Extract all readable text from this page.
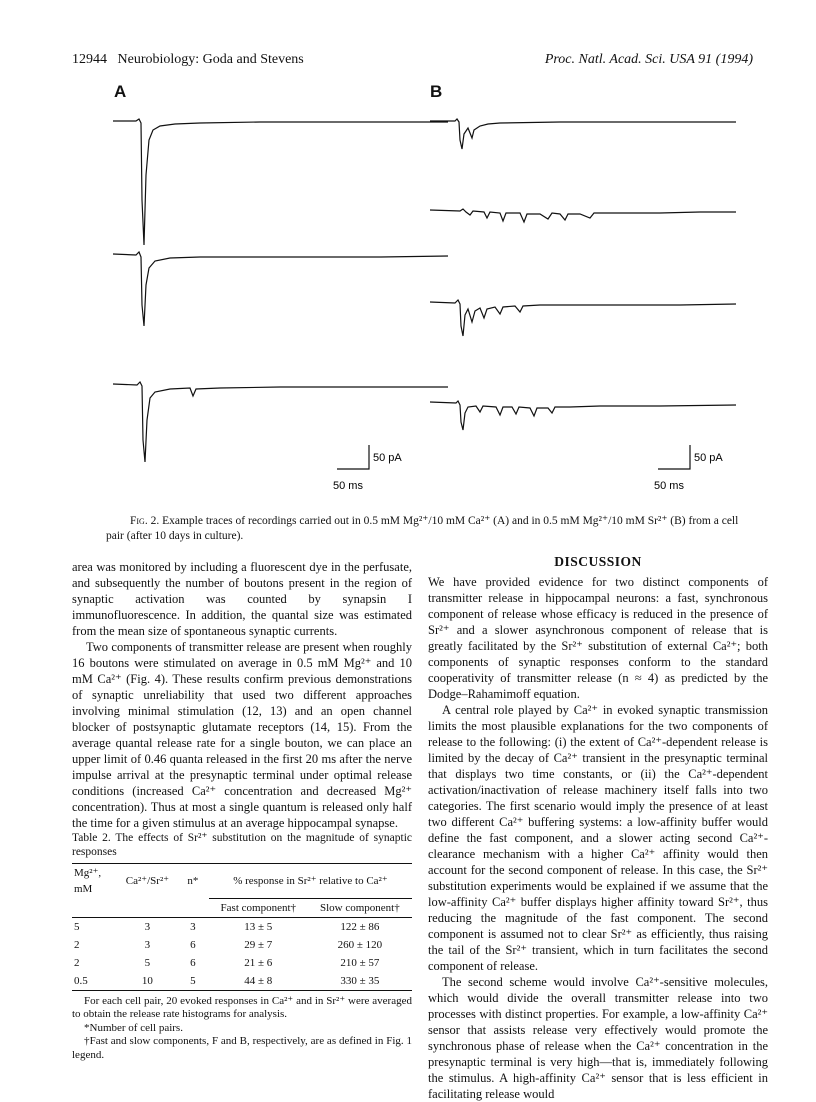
12944 Neurobiology: Goda and Stevens	Proc. Natl. Acad. Sci. USA 91 (1994)
A	B
50 pA
50 ms
50 pA
50 ms
Fig. 2. Example traces of recordings carried out in 0.5 mM Mg²⁺/10 mM Ca²⁺ (A) and in 0.5 mM Mg²⁺/10 mM Sr²⁺ (B) from a cell pair (after 10 days in culture).

area was monitored by including a fluorescent dye in the perfusate, and subsequently the number of boutons present in the region of synaptic activation was counted by synapsin I immunofluorescence. In addition, the quantal size was estimated from the mean size of spontaneous synaptic currents.

Two components of transmitter release are present when roughly 16 boutons were stimulated on average in 0.5 mM Mg²⁺ and 10 mM Ca²⁺ (Fig. 4). These results confirm previous demonstrations of synaptic unreliability that used two different approaches involving minimal stimulation (12, 13) and an open channel blocker of postsynaptic glutamate receptors (14, 15). From the average quantal release rate for a single bouton, we can place an upper limit of 0.46 quanta released in the first 20 ms after the nerve impulse arrival at the presynaptic terminal under optimal release conditions (increased Ca²⁺ concentration and decreased Mg²⁺ concentration). Thus at most a single quantum is released only half the time for a given stimulus at an average hippocampal synapse.

Table 2. The effects of Sr²⁺ substitution on the magnitude of synaptic responses

Mg²⁺, mM	Ca²⁺/Sr²⁺	n*	% response in Sr²⁺ relative to Ca²⁺	
			Fast component†	Slow component†
5	3	3	13 ± 5	122 ± 86
2	3	6	29 ± 7	260 ± 120
2	5	6	21 ± 6	210 ± 57
0.5	10	5	44 ± 8	330 ± 35
For each cell pair, 20 evoked responses in Ca²⁺ and in Sr²⁺ were averaged to obtain the release rate histograms for analysis.
*Number of cell pairs.
†Fast and slow components, F and B, respectively, are as defined in Fig. 1 legend.
DISCUSSION

We have provided evidence for two distinct components of transmitter release in hippocampal neurons: a fast, synchronous component of release whose efficacy is reduced in the presence of Sr²⁺ and a slower asynchronous component of release that is greatly facilitated by the Sr²⁺ substitution of external Ca²⁺; both components of synaptic responses conform to the standard cooperativity of transmitter release (n ≈ 4) as predicted by the Dodge–Rahamimoff equation.

A central role played by Ca²⁺ in evoked synaptic transmission limits the most plausible explanations for the two components of release to the following: (i) the extent of Ca²⁺-dependent release is limited by the decay of Ca²⁺ transient in the presynaptic terminal that displays two time constants, or (ii) the Ca²⁺-dependent activation/inactivation of release machinery itself falls into two categories. The first scenario would imply the presence of at least two different Ca²⁺ buffering systems: a low-affinity buffer would define the fast component, and a slower acting second Ca²⁺-clearance mechanism with a higher Ca²⁺ affinity would then account for the second component of release. In this case, the Sr²⁺ substitution experiments would be explained if we assume that the low-affinity Ca²⁺ buffer displays higher affinity toward Sr²⁺, thus reducing the magnitude of the fast component. The second component is assumed not to clear Sr²⁺ as efficiently, thus raising the tail of the Sr²⁺ transient, which in turn facilitates the second component of release.

The second scheme would involve Ca²⁺-sensitive molecules, which would divide the overall transmitter release into two processes with distinct properties. For example, a low-affinity Ca²⁺ sensor that assists release very effectively would promote the synchronous phase of release when the Ca²⁺ concentration in the presynaptic terminal is very high—that is, immediately following the stimulus. A high-affinity Ca²⁺ sensor that is less efficient in facilitating release would
